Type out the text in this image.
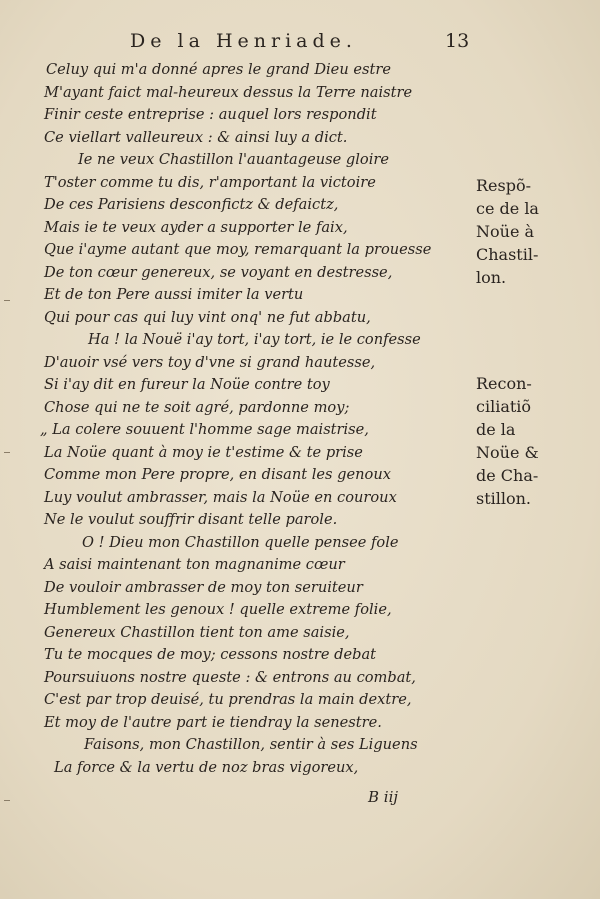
De la Henriade.	13
Celuy qui m'a donné apres le grand Dieu estre
M'ayant faict mal-heureux dessus la Terre naistre
Finir ceste entreprise : auquel lors respondit
Ce viellart valleureux : & ainsi luy a dict.
Ie ne veux Chastillon l'auantageuse gloire
T'oster comme tu dis, r'amportant la victoire
De ces Parisiens desconfictz & defaictz,
Mais ie te veux ayder a supporter le faix,
Que i'ayme autant que moy, remarquant la prouesse
De ton cœur genereux, se voyant en destresse,
Et de ton Pere aussi imiter la vertu
Qui pour cas qui luy vint onq' ne fut abbatu,
Ha ! la Nouë i'ay tort, i'ay tort, ie le confesse
D'auoir vsé vers toy d'vne si grand hautesse,
Si i'ay dit en fureur la Noüe contre toy
Chose qui ne te soit agré, pardonne moy;
„ La colere souuent l'homme sage maistrise,
La Noüe quant à moy ie t'estime & te prise
Comme mon Pere propre, en disant les genoux
Luy voulut ambrasser, mais la Noüe en couroux
Ne le voulut souffrir disant telle parole.
O ! Dieu mon Chastillon quelle pensee fole
A saisi maintenant ton magnanime cœur
De vouloir ambrasser de moy ton seruiteur
Humblement les genoux ! quelle extreme folie,
Genereux Chastillon tient ton ame saisie,
Tu te mocques de moy; cessons nostre debat
Poursuiuons nostre queste : & entrons au combat,
C'est par trop deuisé, tu prendras la main dextre,
Et moy de l'autre part ie tiendray la senestre.
Faisons, mon Chastillon, sentir à ses Liguens
La force & la vertu de noz bras vigoreux,
Respõ-
ce de la
Noüe à
Chastil-
lon.
Recon-
ciliatiõ
de la
Noüe &
de Cha-
stillon.
B iij
